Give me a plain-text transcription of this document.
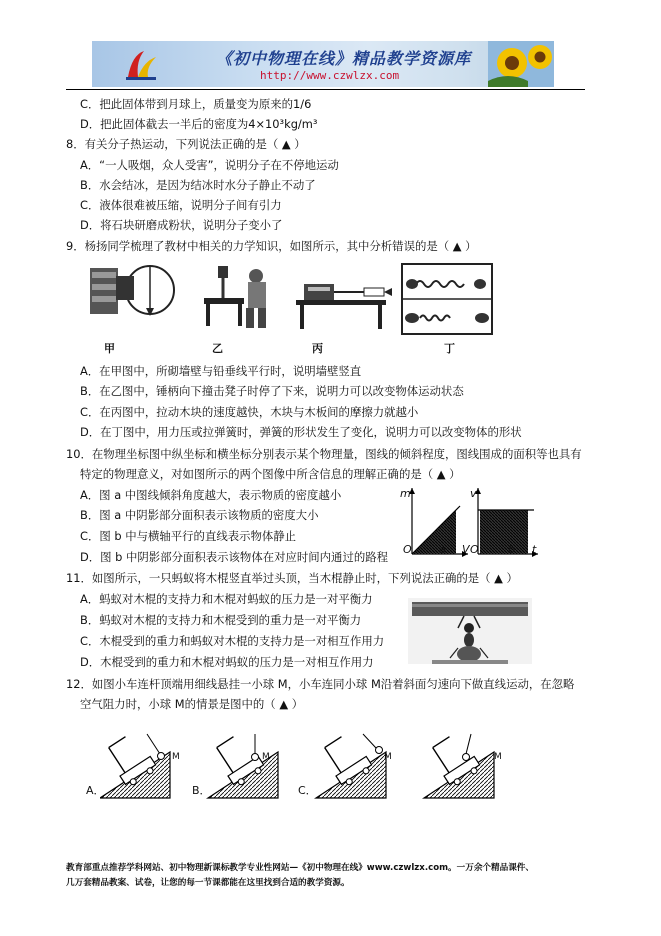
《初中物理在线》精品教学资源库
http://www.czwlzx.com
C．把此固体带到月球上，质量变为原来的1/6
D．把此固体截去一半后的密度为4×10³kg/m³
8．有关分子热运动，下列说法正确的是（ ▲ ）
A．“一人吸烟，众人受害”，说明分子在不停地运动
B．水会结冰，是因为结冰时水分子静止不动了
C．液体很难被压缩，说明分子间有引力
D．将石块研磨成粉状，说明分子变小了
9．杨扬同学梳理了教材中相关的力学知识，如图所示，其中分析错误的是（ ▲ ）
甲	乙	丙	丁
A．在甲图中，所砌墙壁与铅垂线平行时，说明墙壁竖直
B．在乙图中，锤柄向下撞击凳子时停了下来，说明力可以改变物体运动状态
C．在丙图中，拉动木块的速度越快，木块与木板间的摩擦力就越小
D．在丁图中，用力压或拉弹簧时，弹簧的形状发生了变化，说明力可以改变物体的形状
10．在物理坐标图中纵坐标和横坐标分别表示某个物理量，图线的倾斜程度，图线围成的面积等也具有
特定的物理意义，对如图所示的两个图像中所含信息的理解正确的是（ ▲ ）
A．图 a 中图线倾斜角度越大，表示物质的密度越小
B．图 a 中阴影部分面积表示该物质的密度大小
C．图 b 中与横轴平行的直线表示物体静止
D．图 b 中阴影部分面积表示该物体在对应时间内通过的路程
m
O a V
v
O	b t
11．如图所示，一只蚂蚁将木棍竖直举过头顶，当木棍静止时，下列说法正确的是（ ▲ ）
A．蚂蚁对木棍的支持力和木棍对蚂蚁的压力是一对平衡力
B．蚂蚁对木棍的支持力和木棍受到的重力是一对平衡力
C．木棍受到的重力和蚂蚁对木棍的支持力是一对相互作用力
D．木棍受到的重力和木棍对蚂蚁的压力是一对相互作用力
12．如图小车连杆顶端用细线悬挂一小球 M，小车连同小球 M沿着斜面匀速向下做直线运动，在忽略
空气阻力时，小球 M的情景是图中的（ ▲ ）
M	M	M	M
A．	B．	C．
教育部重点推荐学科网站、初中物理新课标教学专业性网站—《初中物理在线》www.czwlzx.com。一万余个精品课件、
几万套精品教案、试卷，让您的每一节课都能在这里找到合适的教学资源。
